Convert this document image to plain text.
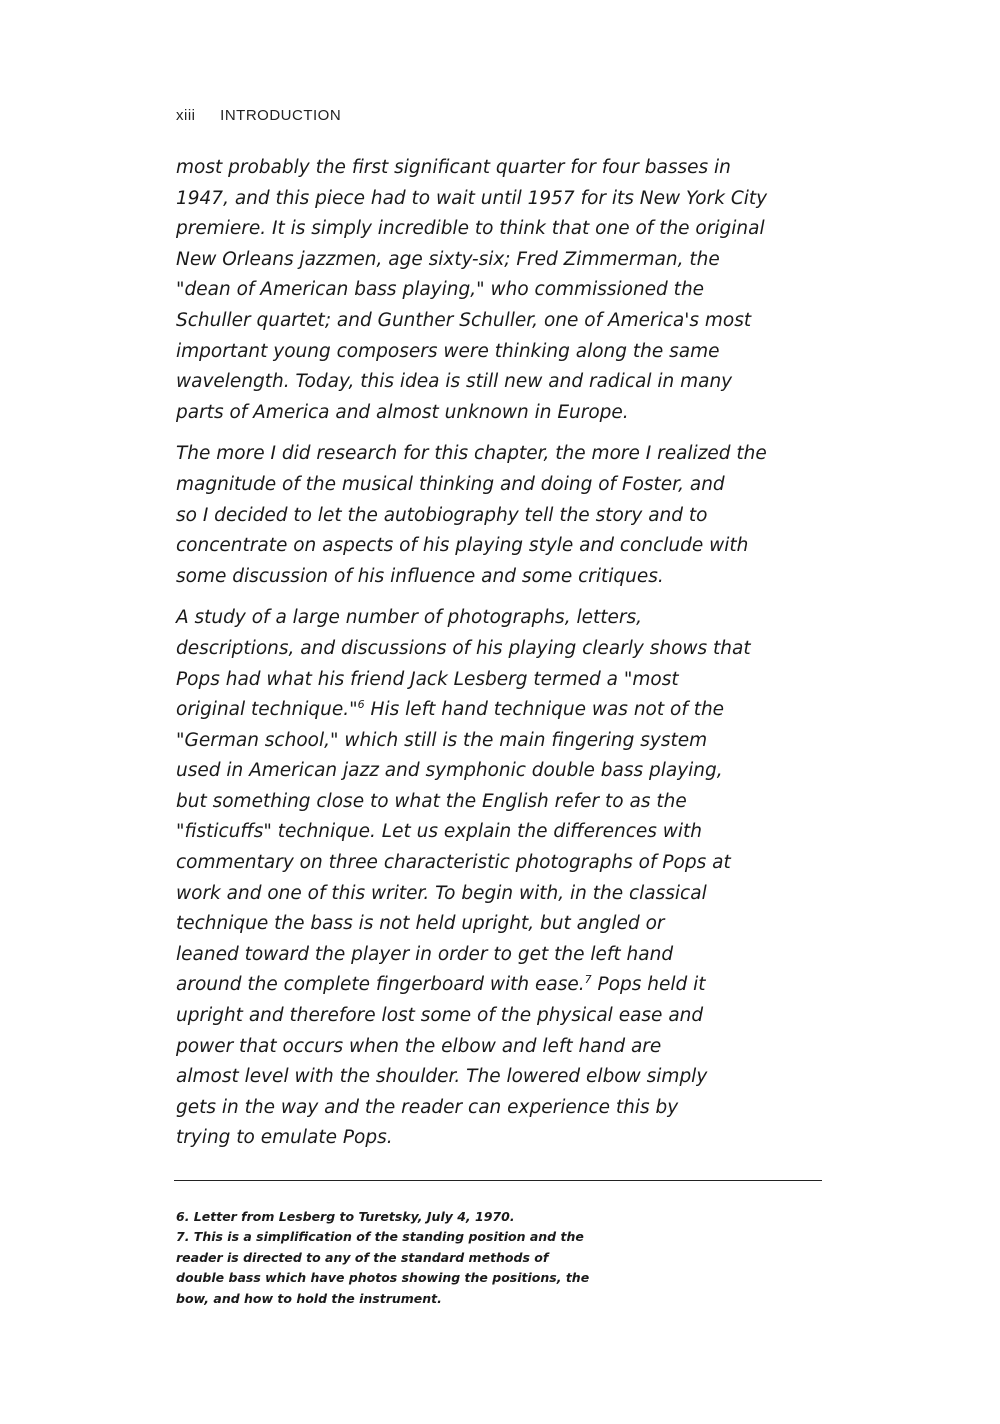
xiii INTRODUCTION

most probably the first significant quarter for four basses in
1947, and this piece had to wait until 1957 for its New York City
premiere. It is simply incredible to think that one of the original
New Orleans jazzmen, age sixty-six; Fred Zimmerman, the
"dean of American bass playing," who commissioned the
Schuller quartet; and Gunther Schuller, one of America's most
important young composers were thinking along the same
wavelength. Today, this idea is still new and radical in many
parts of America and almost unknown in Europe.

The more I did research for this chapter, the more I realized the
magnitude of the musical thinking and doing of Foster, and
so I decided to let the autobiography tell the story and to
concentrate on aspects of his playing style and conclude with
some discussion of his influence and some critiques.

A study of a large number of photographs, letters,
descriptions, and discussions of his playing clearly shows that
Pops had what his friend Jack Lesberg termed a "most
original technique."$^6$ His left hand technique was not of the
"German school," which still is the main fingering system
used in American jazz and symphonic double bass playing,
but something close to what the English refer to as the
"fisticuffs" technique. Let us explain the differences with
commentary on three characteristic photographs of Pops at
work and one of this writer. To begin with, in the classical
technique the bass is not held upright, but angled or
leaned toward the player in order to get the left hand
around the complete fingerboard with ease.$^7$ Pops held it
upright and therefore lost some of the physical ease and
power that occurs when the elbow and left hand are
almost level with the shoulder. The lowered elbow simply
gets in the way and the reader can experience this by
trying to emulate Pops.

6. Letter from Lesberg to Turetsky, July 4, 1970.
7. This is a simplification of the standing position and the
reader is directed to any of the standard methods of
double bass which have photos showing the positions, the
bow, and how to hold the instrument.
